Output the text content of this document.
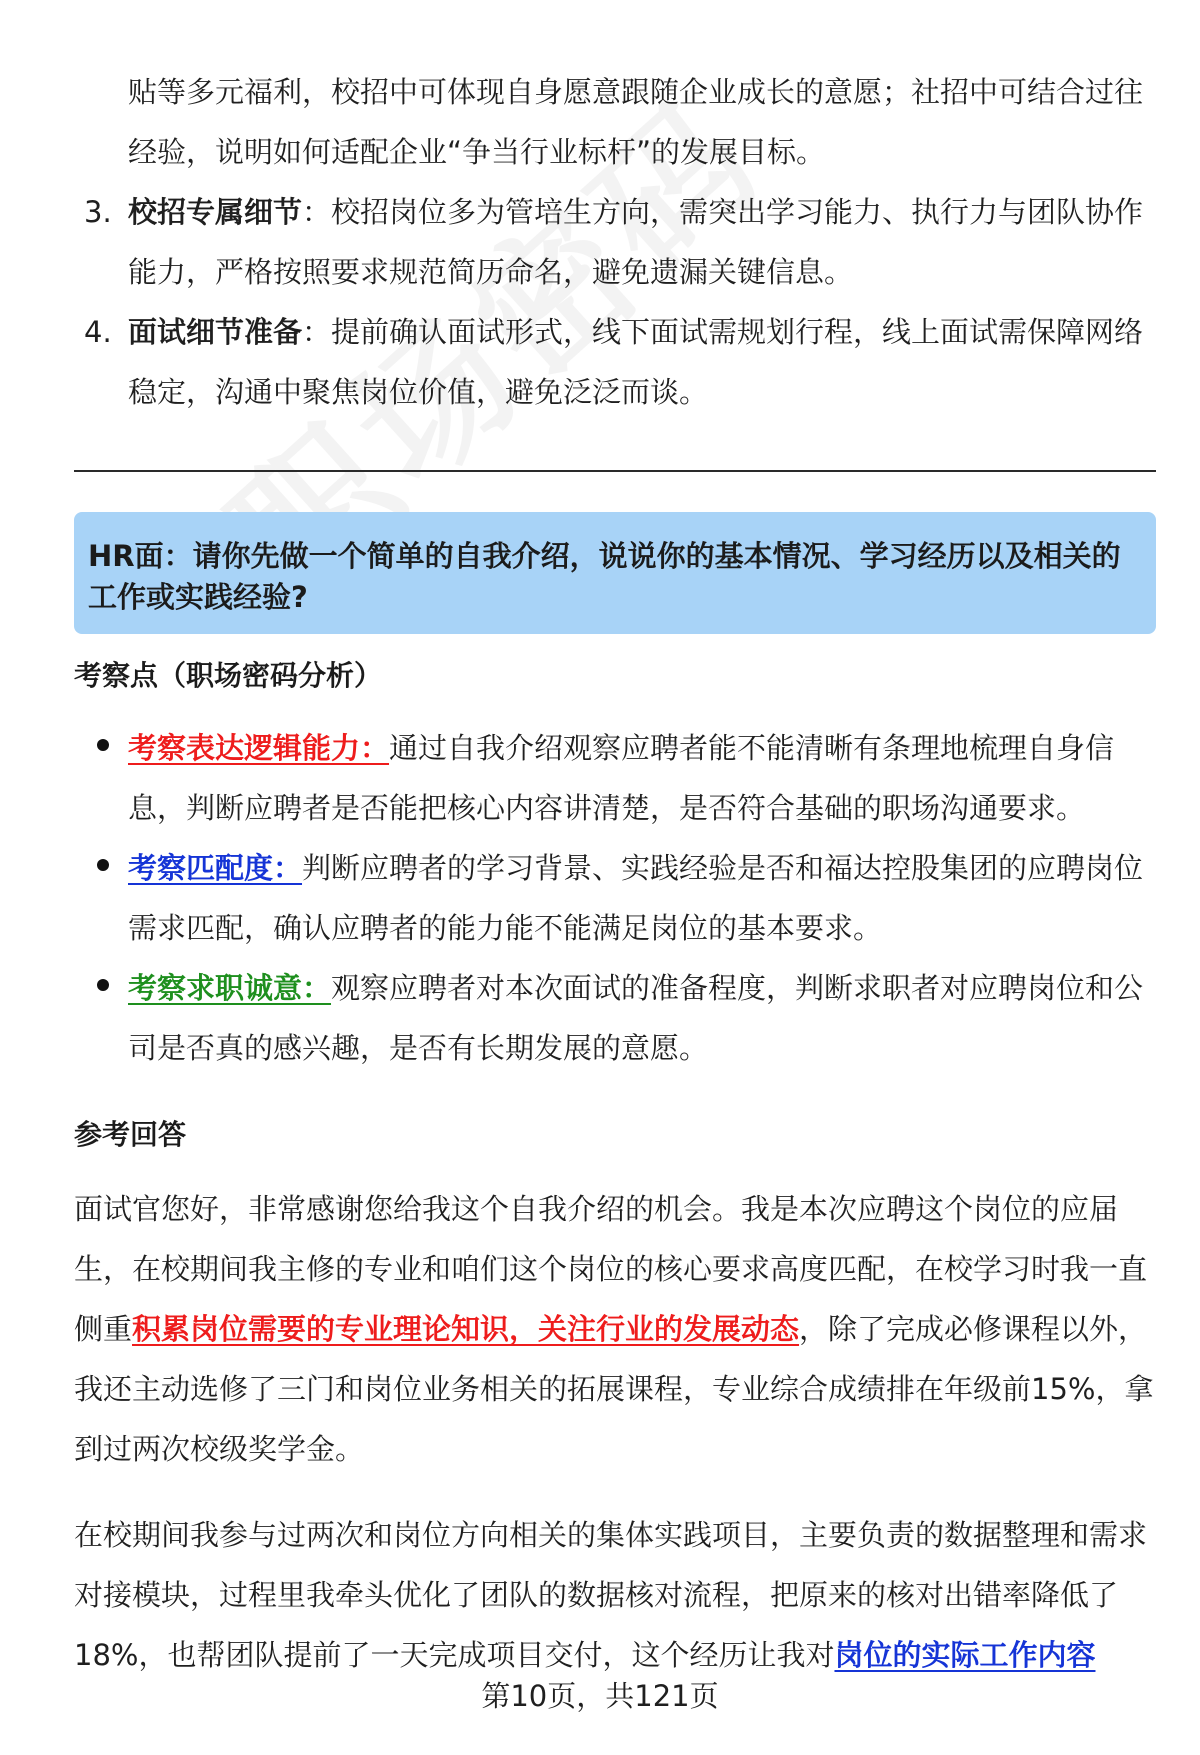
贴等多元福利，校招中可体现自身愿意跟随企业成长的意愿；社招中可结合过往经验，说明如何适配企业“争当行业标杆”的发展目标。

3. 校招专属细节：校招岗位多为管培生方向，需突出学习能力、执行力与团队协作能力，严格按照要求规范简历命名，避免遗漏关键信息。

4. 面试细节准备：提前确认面试形式，线下面试需规划行程，线上面试需保障网络稳定，沟通中聚焦岗位价值，避免泛泛而谈。

HR面：请你先做一个简单的自我介绍，说说你的基本情况、学习经历以及相关的工作或实践经验?

考察点（职场密码分析）

考察表达逻辑能力：通过自我介绍观察应聘者能不能清晰有条理地梳理自身信息，判断应聘者是否能把核心内容讲清楚，是否符合基础的职场沟通要求。

考察匹配度：判断应聘者的学习背景、实践经验是否和福达控股集团的应聘岗位需求匹配，确认应聘者的能力能不能满足岗位的基本要求。

考察求职诚意：观察应聘者对本次面试的准备程度，判断求职者对应聘岗位和公司是否真的感兴趣，是否有长期发展的意愿。

参考回答

面试官您好，非常感谢您给我这个自我介绍的机会。我是本次应聘这个岗位的应届生，在校期间我主修的专业和咱们这个岗位的核心要求高度匹配，在校学习时我一直侧重积累岗位需要的专业理论知识，关注行业的发展动态，除了完成必修课程以外，我还主动选修了三门和岗位业务相关的拓展课程，专业综合成绩排在年级前15%，拿到过两次校级奖学金。

在校期间我参与过两次和岗位方向相关的集体实践项目，主要负责的数据整理和需求对接模块，过程里我牵头优化了团队的数据核对流程，把原来的核对出错率降低了18%，也帮团队提前了一天完成项目交付，这个经历让我对岗位的实际工作内容

第10页，共121页
